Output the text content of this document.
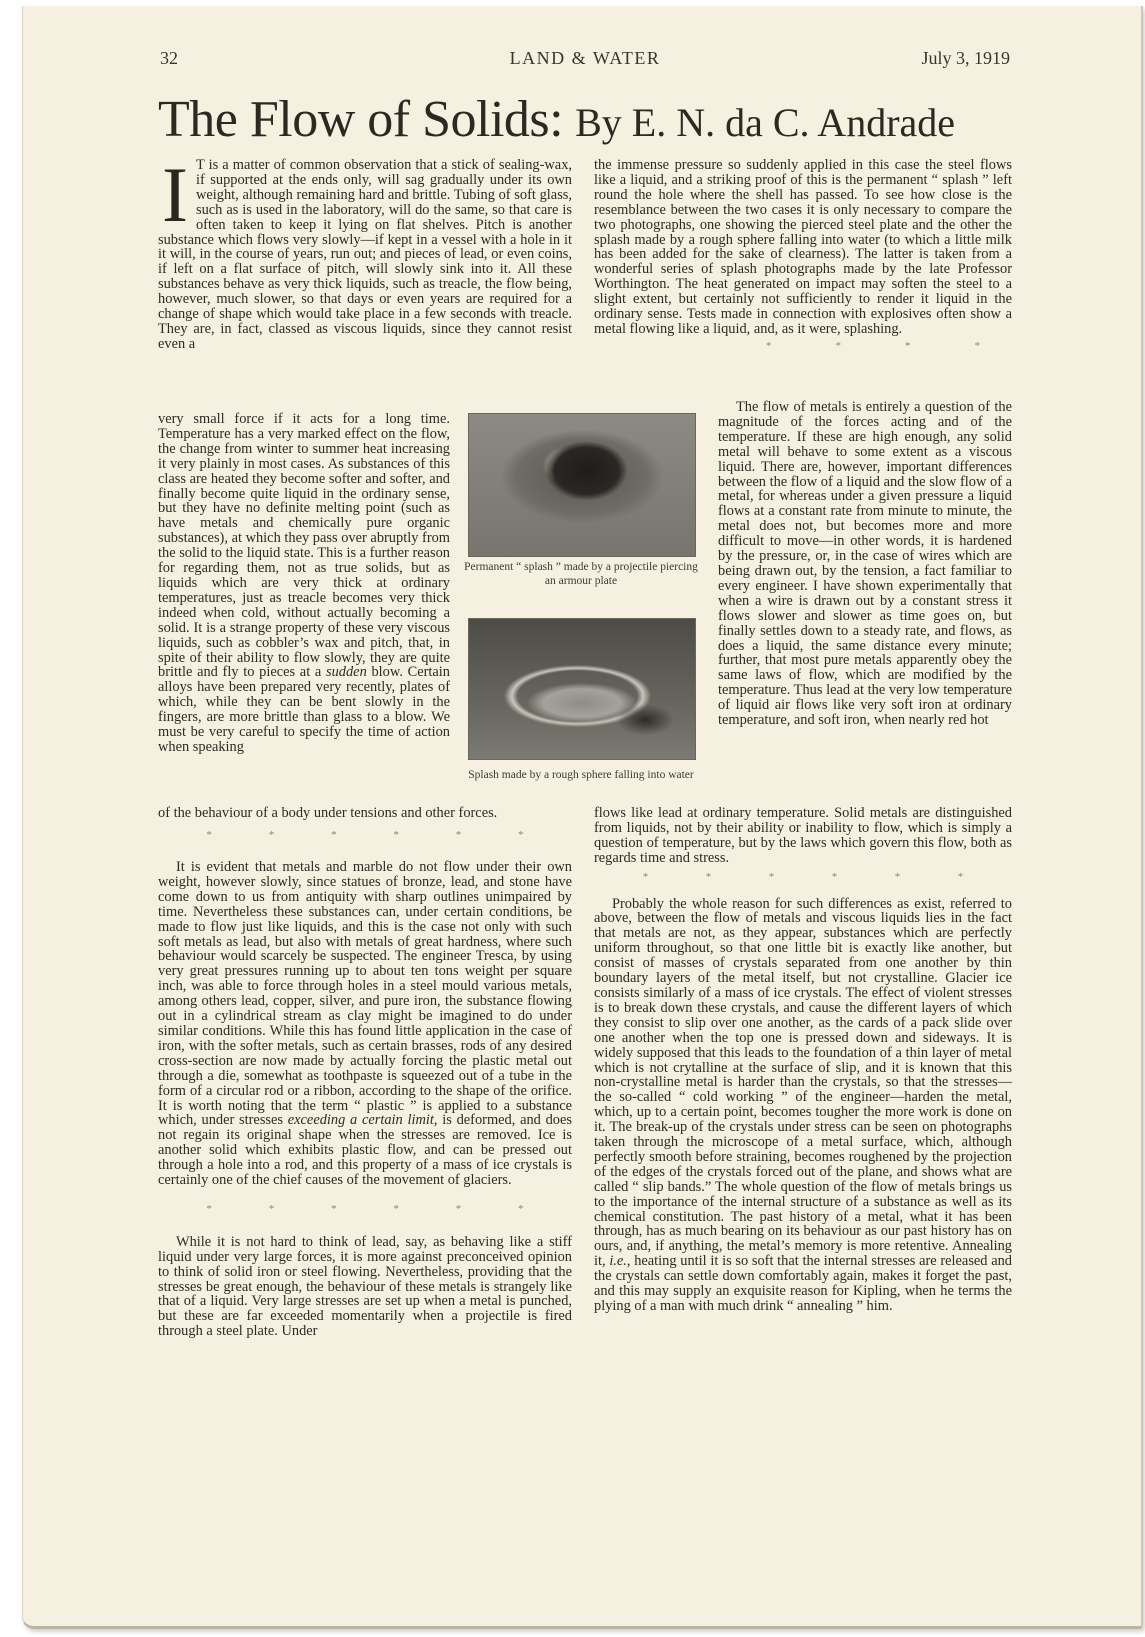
32	LAND & WATER	July 3, 1919
The Flow of Solids: By E. N. da C. Andrade

I T is a matter of common observation that a stick of sealing-wax, if supported at the ends only, will sag gradually under its own weight, although remaining hard and brittle. Tubing of soft glass, such as is used in the laboratory, will do the same, so that care is often taken to keep it lying on flat shelves. Pitch is another substance which flows very slowly—if kept in a vessel with a hole in it it will, in the course of years, run out; and pieces of lead, or even coins, if left on a flat surface of pitch, will slowly sink into it. All these substances behave as very thick liquids, such as treacle, the flow being, however, much slower, so that days or even years are required for a change of shape which would take place in a few seconds with treacle. They are, in fact, classed as viscous liquids, since they cannot resist even a

very small force if it acts for a long time. Temperature has a very marked effect on the flow, the change from winter to summer heat increasing it very plainly in most cases. As substances of this class are heated they become softer and softer, and finally become quite liquid in the ordinary sense, but they have no definite melting point (such as have metals and chemically pure organic substances), at which they pass over abruptly from the solid to the liquid state. This is a further reason for regarding them, not as true solids, but as liquids which are very thick at ordinary temperatures, just as treacle becomes very thick indeed when cold, without actually becoming a solid. It is a strange property of these very viscous liquids, such as cobbler’s wax and pitch, that, in spite of their ability to flow slowly, they are quite brittle and fly to pieces at a sudden blow. Certain alloys have been prepared very recently, plates of which, while they can be bent slowly in the fingers, are more brittle than glass to a blow. We must be very careful to specify the time of action when speaking

of the behaviour of a body under tensions and other forces.

*	*	*	*	*	*

It is evident that metals and marble do not flow under their own weight, however slowly, since statues of bronze, lead, and stone have come down to us from antiquity with sharp outlines unimpaired by time. Nevertheless these substances can, under certain conditions, be made to flow just like liquids, and this is the case not only with such soft metals as lead, but also with metals of great hardness, where such behaviour would scarcely be suspected. The engineer Tresca, by using very great pressures running up to about ten tons weight per square inch, was able to force through holes in a steel mould various metals, among others lead, copper, silver, and pure iron, the substance flowing out in a cylindrical stream as clay might be imagined to do under similar conditions. While this has found little application in the case of iron, with the softer metals, such as certain brasses, rods of any desired cross-section are now made by actually forcing the plastic metal out through a die, somewhat as toothpaste is squeezed out of a tube in the form of a circular rod or a ribbon, according to the shape of the orifice. It is worth noting that the term “ plastic ” is applied to a substance which, under stresses exceeding a certain limit, is deformed, and does not regain its original shape when the stresses are removed. Ice is another solid which exhibits plastic flow, and can be pressed out through a hole into a rod, and this property of a mass of ice crystals is certainly one of the chief causes of the movement of glaciers.

*	*	*	*	*	*

While it is not hard to think of lead, say, as behaving like a stiff liquid under very large forces, it is more against preconceived opinion to think of solid iron or steel flowing. Nevertheless, providing that the stresses be great enough, the behaviour of these metals is strangely like that of a liquid. Very large stresses are set up when a metal is punched, but these are far exceeded momentarily when a projectile is fired through a steel plate. Under

Permanent “ splash ” made by a projectile piercing an armour plate
Splash made by a rough sphere falling into water

the immense pressure so suddenly applied in this case the steel flows like a liquid, and a striking proof of this is the permanent “ splash ” left round the hole where the shell has passed. To see how close is the resemblance between the two cases it is only necessary to compare the two photographs, one showing the pierced steel plate and the other the splash made by a rough sphere falling into water (to which a little milk has been added for the sake of clearness). The latter is taken from a wonderful series of splash photographs made by the late Professor Worthington. The heat generated on impact may soften the steel to a slight extent, but certainly not sufficiently to render it liquid in the ordinary sense. Tests made in connection with explosives often show a metal flowing like a liquid, and, as it were, splashing.

*	*	*	*

The flow of metals is entirely a question of the magnitude of the forces acting and of the temperature. If these are high enough, any solid metal will behave to some extent as a viscous liquid. There are, however, important differences between the flow of a liquid and the slow flow of a metal, for whereas under a given pressure a liquid flows at a constant rate from minute to minute, the metal does not, but becomes more and more difficult to move—in other words, it is hardened by the pressure, or, in the case of wires which are being drawn out, by the tension, a fact familiar to every engineer. I have shown experimentally that when a wire is drawn out by a constant stress it flows slower and slower as time goes on, but finally settles down to a steady rate, and flows, as does a liquid, the same distance every minute; further, that most pure metals apparently obey the same laws of flow, which are modified by the temperature. Thus lead at the very low temperature of liquid air flows like very soft iron at ordinary temperature, and soft iron, when nearly red hot

flows like lead at ordinary temperature. Solid metals are distinguished from liquids, not by their ability or inability to flow, which is simply a question of temperature, but by the laws which govern this flow, both as regards time and stress.

*	*	*	*	*	*

Probably the whole reason for such differences as exist, referred to above, between the flow of metals and viscous liquids lies in the fact that metals are not, as they appear, substances which are perfectly uniform throughout, so that one little bit is exactly like another, but consist of masses of crystals separated from one another by thin boundary layers of the metal itself, but not crystalline. Glacier ice consists similarly of a mass of ice crystals. The effect of violent stresses is to break down these crystals, and cause the different layers of which they consist to slip over one another, as the cards of a pack slide over one another when the top one is pressed down and sideways. It is widely supposed that this leads to the foundation of a thin layer of metal which is not crytalline at the surface of slip, and it is known that this non-crystalline metal is harder than the crystals, so that the stresses—the so-called “ cold working ” of the engineer—harden the metal, which, up to a certain point, becomes tougher the more work is done on it. The break-up of the crystals under stress can be seen on photographs taken through the microscope of a metal surface, which, although perfectly smooth before straining, becomes roughened by the projection of the edges of the crystals forced out of the plane, and shows what are called “ slip bands.” The whole question of the flow of metals brings us to the importance of the internal structure of a substance as well as its chemical constitution. The past history of a metal, what it has been through, has as much bearing on its behaviour as our past history has on ours, and, if anything, the metal’s memory is more retentive. Annealing it, i.e., heating until it is so soft that the internal stresses are released and the crystals can settle down comfortably again, makes it forget the past, and this may supply an exquisite reason for Kipling, when he terms the plying of a man with much drink “ annealing ” him.
